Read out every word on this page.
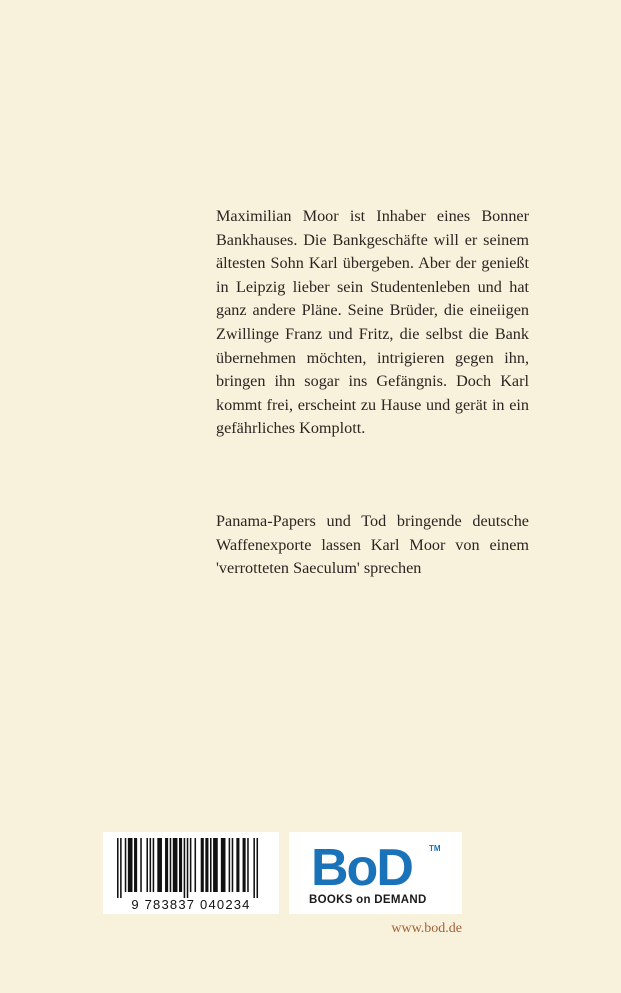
Maximilian Moor ist Inhaber eines Bonner Bankhauses. Die Bankgeschäfte will er seinem ältesten Sohn Karl übergeben. Aber der genießt in Leipzig lieber sein Studentenleben und hat ganz andere Pläne. Seine Brüder, die eineiigen Zwillinge Franz und Fritz, die selbst die Bank übernehmen möchten, intrigieren gegen ihn, bringen ihn sogar ins Gefängnis. Doch Karl kommt frei, erscheint zu Hause und gerät in ein gefährliches Komplott.

Panama-Papers und Tod bringende deutsche Waffenexporte lassen Karl Moor von einem 'verrotteten Saeculum' sprechen

9 783837 040234
BoD TM
BOOKS on DEMAND
www.bod.de
